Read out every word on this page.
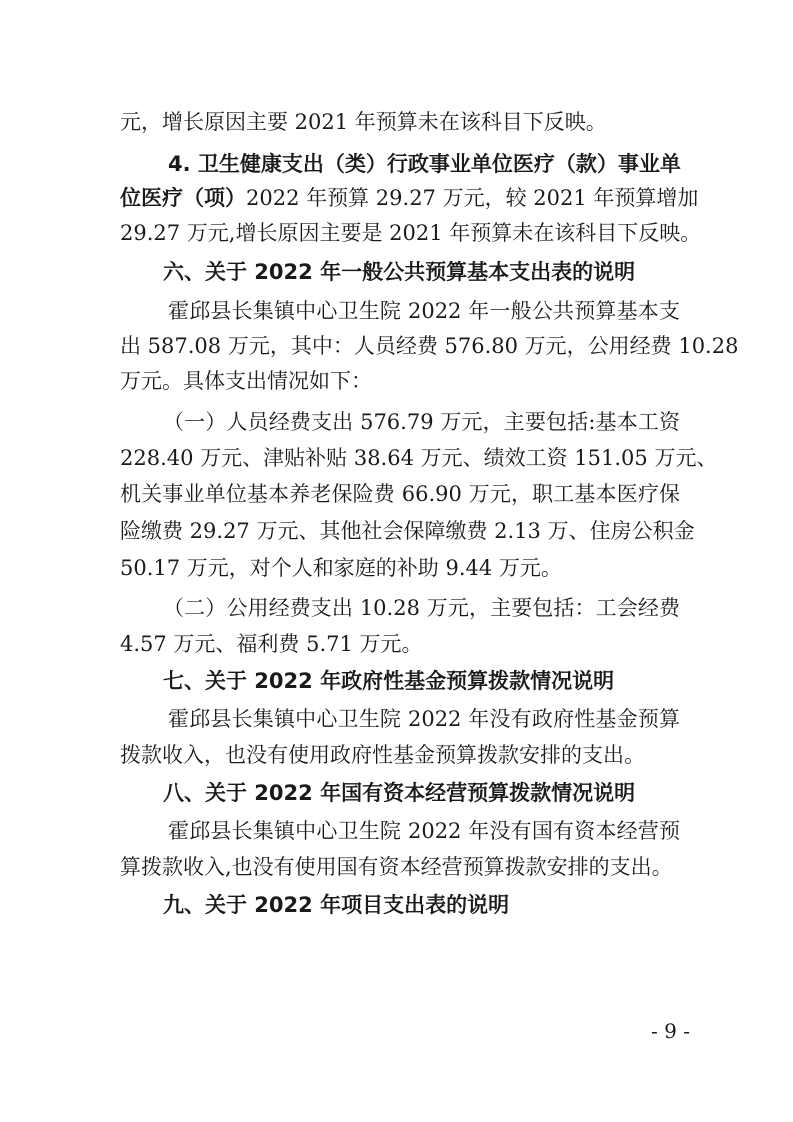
元，增长原因主要 2021 年预算未在该科目下反映。
4. 卫生健康支出（类）行政事业单位医疗（款）事业单
位医疗（项）2022 年预算 29.27 万元，较 2021 年预算增加
29.27 万元,增长原因主要是 2021 年预算未在该科目下反映。
六、关于 2022 年一般公共预算基本支出表的说明
霍邱县长集镇中心卫生院 2022 年一般公共预算基本支
出 587.08 万元，其中：人员经费 576.80 万元，公用经费 10.28
万元。具体支出情况如下：
（一）人员经费支出 576.79 万元，主要包括:基本工资
228.40 万元、津贴补贴 38.64 万元、绩效工资 151.05 万元、
机关事业单位基本养老保险费 66.90 万元，职工基本医疗保
险缴费 29.27 万元、其他社会保障缴费 2.13 万、住房公积金
50.17 万元，对个人和家庭的补助 9.44 万元。
（二）公用经费支出 10.28 万元，主要包括：工会经费
4.57 万元、福利费 5.71 万元。
七、关于 2022 年政府性基金预算拨款情况说明
霍邱县长集镇中心卫生院 2022 年没有政府性基金预算
拨款收入，也没有使用政府性基金预算拨款安排的支出。
八、关于 2022 年国有资本经营预算拨款情况说明
霍邱县长集镇中心卫生院 2022 年没有国有资本经营预
算拨款收入,也没有使用国有资本经营预算拨款安排的支出。
九、关于 2022 年项目支出表的说明
- 9 -
